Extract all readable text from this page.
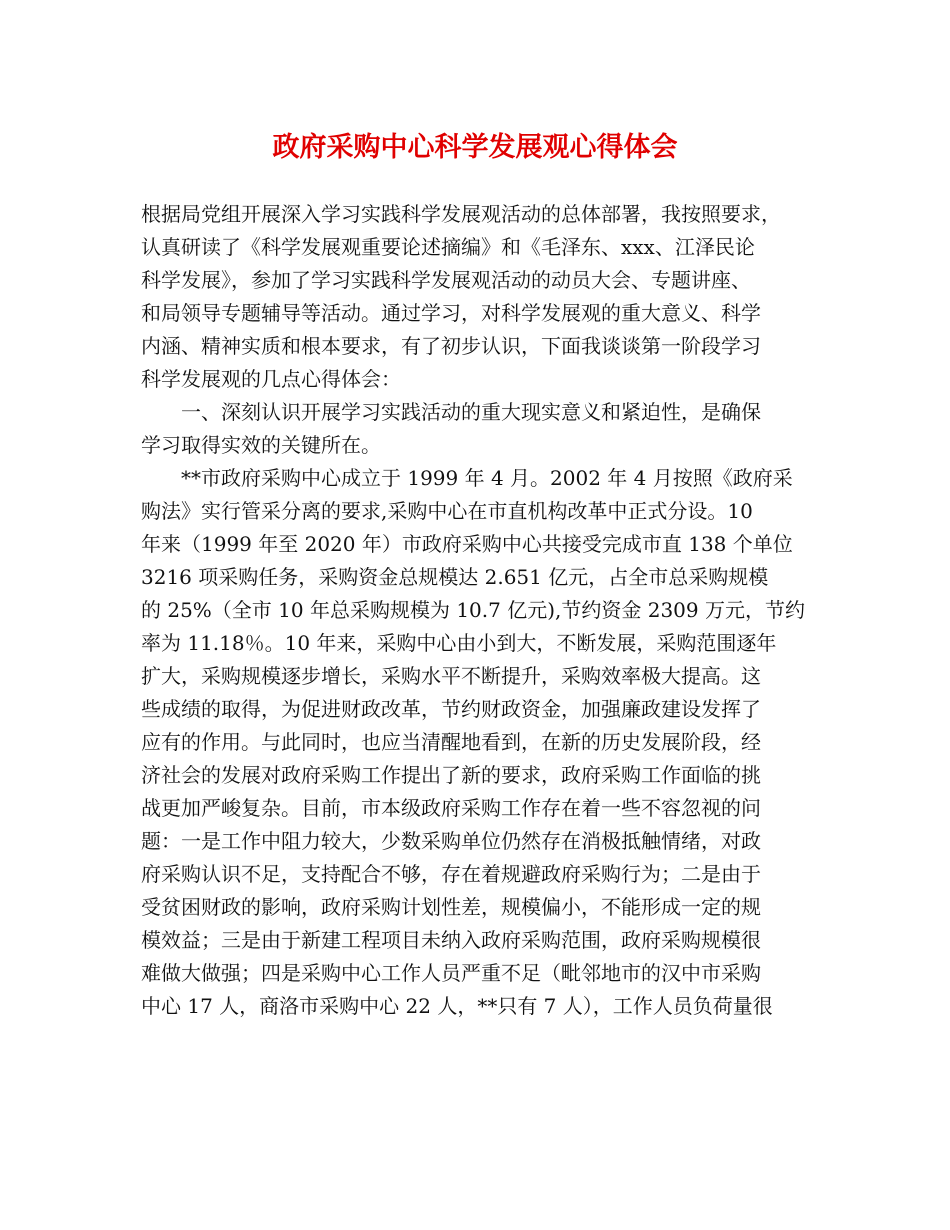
政府采购中心科学发展观心得体会
根据局党组开展深入学习实践科学发展观活动的总体部署，我按照要求，
认真研读了《科学发展观重要论述摘编》和《毛泽东、xxx、江泽民论
科学发展》，参加了学习实践科学发展观活动的动员大会、专题讲座、
和局领导专题辅导等活动。通过学习，对科学发展观的重大意义、科学
内涵、精神实质和根本要求，有了初步认识，下面我谈谈第一阶段学习
科学发展观的几点心得体会：
　　一、深刻认识开展学习实践活动的重大现实意义和紧迫性，是确保
学习取得实效的关键所在。
　　**市政府采购中心成立于 1999 年 4 月。2002 年 4 月按照《政府采
购法》实行管采分离的要求,采购中心在市直机构改革中正式分设。10
年来（1999 年至 2020 年）市政府采购中心共接受完成市直 138 个单位
3216 项采购任务，采购资金总规模达 2.651 亿元，占全市总采购规模
的 25%（全市 10 年总采购规模为 10.7 亿元),节约资金 2309 万元，节约
率为 11.18％。10 年来，采购中心由小到大，不断发展，采购范围逐年
扩大，采购规模逐步增长，采购水平不断提升，采购效率极大提高。这
些成绩的取得，为促进财政改革，节约财政资金，加强廉政建设发挥了
应有的作用。与此同时，也应当清醒地看到，在新的历史发展阶段，经
济社会的发展对政府采购工作提出了新的要求，政府采购工作面临的挑
战更加严峻复杂。目前，市本级政府采购工作存在着一些不容忽视的问
题：一是工作中阻力较大，少数采购单位仍然存在消极抵触情绪，对政
府采购认识不足，支持配合不够，存在着规避政府采购行为；二是由于
受贫困财政的影响，政府采购计划性差，规模偏小，不能形成一定的规
模效益；三是由于新建工程项目未纳入政府采购范围，政府采购规模很
难做大做强；四是采购中心工作人员严重不足（毗邻地市的汉中市采购
中心 17 人，商洛市采购中心 22 人，**只有 7 人），工作人员负荷量很
